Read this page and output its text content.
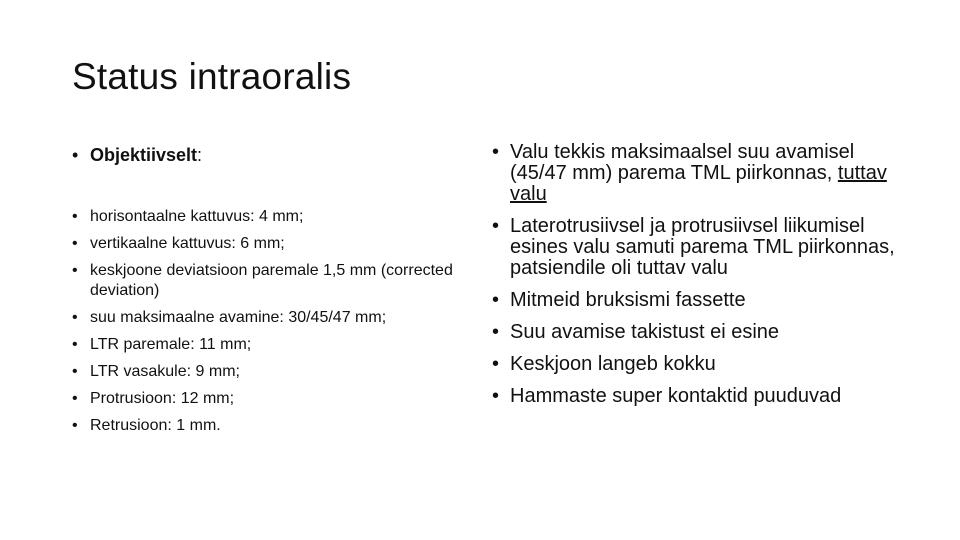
Status intraoralis
• Objektiivselt:
• horisontaalne kattuvus: 4 mm;
• vertikaalne kattuvus: 6 mm;
• keskjoone deviatsioon paremale 1,5 mm (corrected deviation)
• suu maksimaalne avamine: 30/45/47 mm;
• LTR paremale: 11 mm;
• LTR vasakule: 9 mm;
• Protrusioon: 12 mm;
• Retrusioon: 1 mm.
• Valu tekkis maksimaalsel suu avamisel (45/47 mm) parema TML piirkonnas, tuttav valu
• Laterotrusiivsel ja protrusiivsel liikumisel esines valu samuti parema TML piirkonnas, patsiendile oli tuttav valu
• Mitmeid bruksismi fassette
• Suu avamise takistust ei esine
• Keskjoon langeb kokku
• Hammaste super kontaktid puuduvad
